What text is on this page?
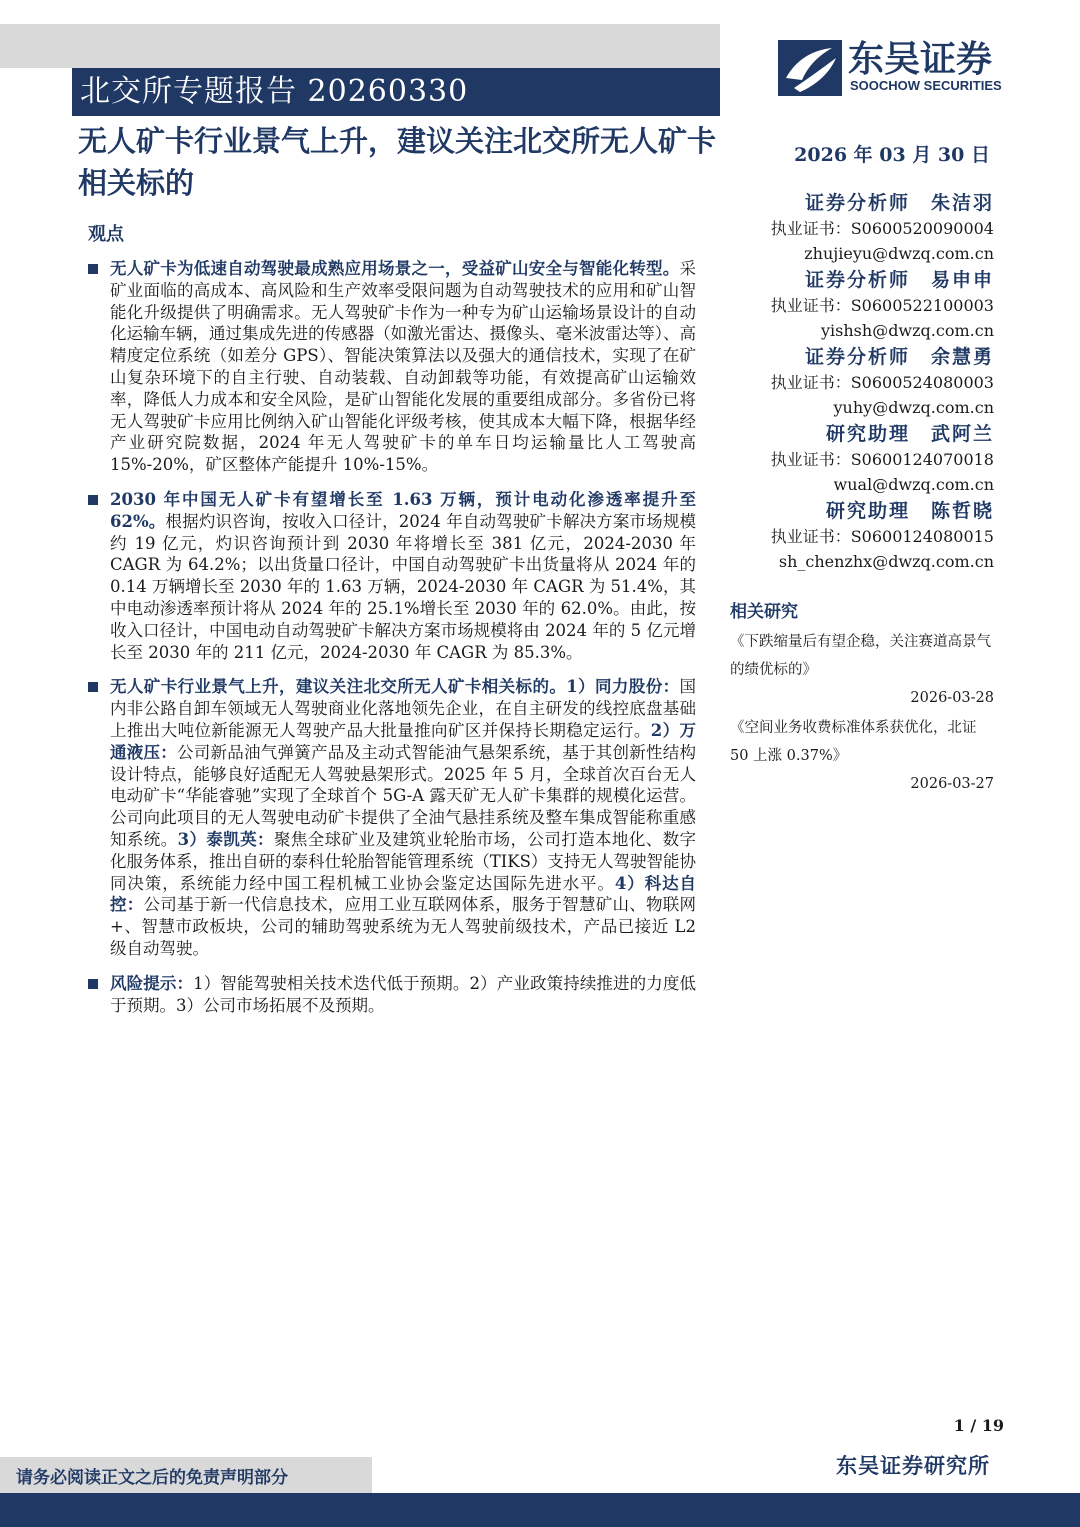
北交所专题报告 20260330
东吴证券
SOOCHOW SECURITIES
无人矿卡行业景气上升，建议关注北交所无人矿卡相关标的
2026 年 03 月 30 日
观点
无人矿卡为低速自动驾驶最成熟应用场景之一，受益矿山安全与智能化转型。采矿业面临的高成本、高风险和生产效率受限问题为自动驾驶技术的应用和矿山智能化升级提供了明确需求。无人驾驶矿卡作为一种专为矿山运输场景设计的自动化运输车辆，通过集成先进的传感器（如激光雷达、摄像头、毫米波雷达等）、高精度定位系统（如差分 GPS）、智能决策算法以及强大的通信技术，实现了在矿山复杂环境下的自主行驶、自动装载、自动卸载等功能，有效提高矿山运输效率，降低人力成本和安全风险，是矿山智能化发展的重要组成部分。多省份已将无人驾驶矿卡应用比例纳入矿山智能化评级考核，使其成本大幅下降，根据华经产业研究院数据，2024 年无人驾驶矿卡的单车日均运输量比人工驾驶高 15%-20%，矿区整体产能提升 10%-15%。
2030 年中国无人矿卡有望增长至 1.63 万辆，预计电动化渗透率提升至 62%。根据灼识咨询，按收入口径计，2024 年自动驾驶矿卡解决方案市场规模约 19 亿元，灼识咨询预计到 2030 年将增长至 381 亿元，2024-2030 年 CAGR 为 64.2%；以出货量口径计，中国自动驾驶矿卡出货量将从 2024 年的 0.14 万辆增长至 2030 年的 1.63 万辆，2024-2030 年 CAGR 为 51.4%，其中电动渗透率预计将从 2024 年的 25.1%增长至 2030 年的 62.0%。由此，按收入口径计，中国电动自动驾驶矿卡解决方案市场规模将由 2024 年的 5 亿元增长至 2030 年的 211 亿元，2024-2030 年 CAGR 为 85.3%。
无人矿卡行业景气上升，建议关注北交所无人矿卡相关标的。1）同力股份：国内非公路自卸车领域无人驾驶商业化落地领先企业，在自主研发的线控底盘基础上推出大吨位新能源无人驾驶产品大批量推向矿区并保持长期稳定运行。2）万通液压：公司新品油气弹簧产品及主动式智能油气悬架系统，基于其创新性结构设计特点，能够良好适配无人驾驶悬架形式。2025 年 5 月，全球首次百台无人电动矿卡“华能睿驰”实现了全球首个 5G-A 露天矿无人矿卡集群的规模化运营。公司向此项目的无人驾驶电动矿卡提供了全油气悬挂系统及整车集成智能称重感知系统。3）泰凯英：聚焦全球矿业及建筑业轮胎市场，公司打造本地化、数字化服务体系，推出自研的泰科仕轮胎智能管理系统（TIKS）支持无人驾驶智能协同决策，系统能力经中国工程机械工业协会鉴定达国际先进水平。4）科达自控：公司基于新一代信息技术，应用工业互联网体系，服务于智慧矿山、物联网+、智慧市政板块，公司的辅助驾驶系统为无人驾驶前级技术，产品已接近 L2 级自动驾驶。
风险提示：1）智能驾驶相关技术迭代低于预期。2）产业政策持续推进的力度低于预期。3）公司市场拓展不及预期。
证券分析师　朱洁羽
执业证书：S0600520090004
zhujieyu@dwzq.com.cn
证券分析师　易申申
执业证书：S0600522100003
yishsh@dwzq.com.cn
证券分析师　余慧勇
执业证书：S0600524080003
yuhy@dwzq.com.cn
研究助理　武阿兰
执业证书：S0600124070018
wual@dwzq.com.cn
研究助理　陈哲晓
执业证书：S0600124080015
sh_chenzhx@dwzq.com.cn
相关研究
《下跌缩量后有望企稳，关注赛道高景气的绩优标的》
2026-03-28
《空间业务收费标准体系获优化，北证 50 上涨 0.37%》
2026-03-27
1 / 19
请务必阅读正文之后的免责声明部分	东吴证券研究所
